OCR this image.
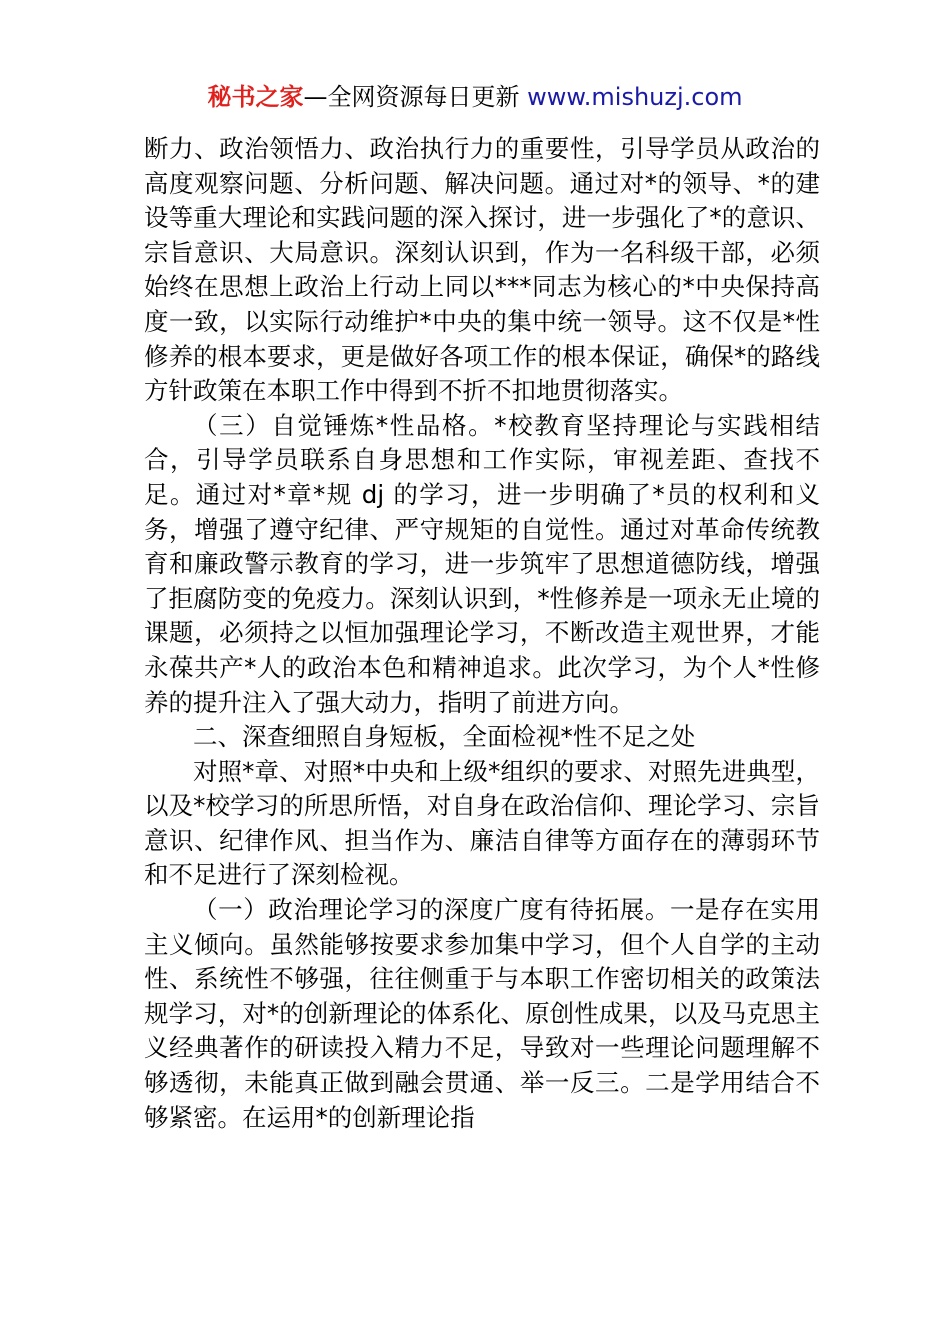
秘书之家—全网资源每日更新 www.mishuzj.com

断力、政治领悟力、政治执行力的重要性，引导学员从政治的高度观察问题、分析问题、解决问题。通过对*的领导、*的建设等重大理论和实践问题的深入探讨，进一步强化了*的意识、宗旨意识、大局意识。深刻认识到，作为一名科级干部，必须始终在思想上政治上行动上同以***同志为核心的*中央保持高度一致，以实际行动维护*中央的集中统一领导。这不仅是*性修养的根本要求，更是做好各项工作的根本保证，确保*的路线方针政策在本职工作中得到不折不扣地贯彻落实。

（三）自觉锤炼*性品格。*校教育坚持理论与实践相结合，引导学员联系自身思想和工作实际，审视差距、查找不足。通过对*章*规 dj 的学习，进一步明确了*员的权利和义务，增强了遵守纪律、严守规矩的自觉性。通过对革命传统教育和廉政警示教育的学习，进一步筑牢了思想道德防线，增强了拒腐防变的免疫力。深刻认识到，*性修养是一项永无止境的课题，必须持之以恒加强理论学习，不断改造主观世界，才能永葆共产*人的政治本色和精神追求。此次学习，为个人*性修养的提升注入了强大动力，指明了前进方向。

二、深查细照自身短板，全面检视*性不足之处

对照*章、对照*中央和上级*组织的要求、对照先进典型，以及*校学习的所思所悟，对自身在政治信仰、理论学习、宗旨意识、纪律作风、担当作为、廉洁自律等方面存在的薄弱环节和不足进行了深刻检视。

（一）政治理论学习的深度广度有待拓展。一是存在实用主义倾向。虽然能够按要求参加集中学习，但个人自学的主动性、系统性不够强，往往侧重于与本职工作密切相关的政策法规学习，对*的创新理论的体系化、原创性成果，以及马克思主义经典著作的研读投入精力不足，导致对一些理论问题理解不够透彻，未能真正做到融会贯通、举一反三。二是学用结合不够紧密。在运用*的创新理论指
